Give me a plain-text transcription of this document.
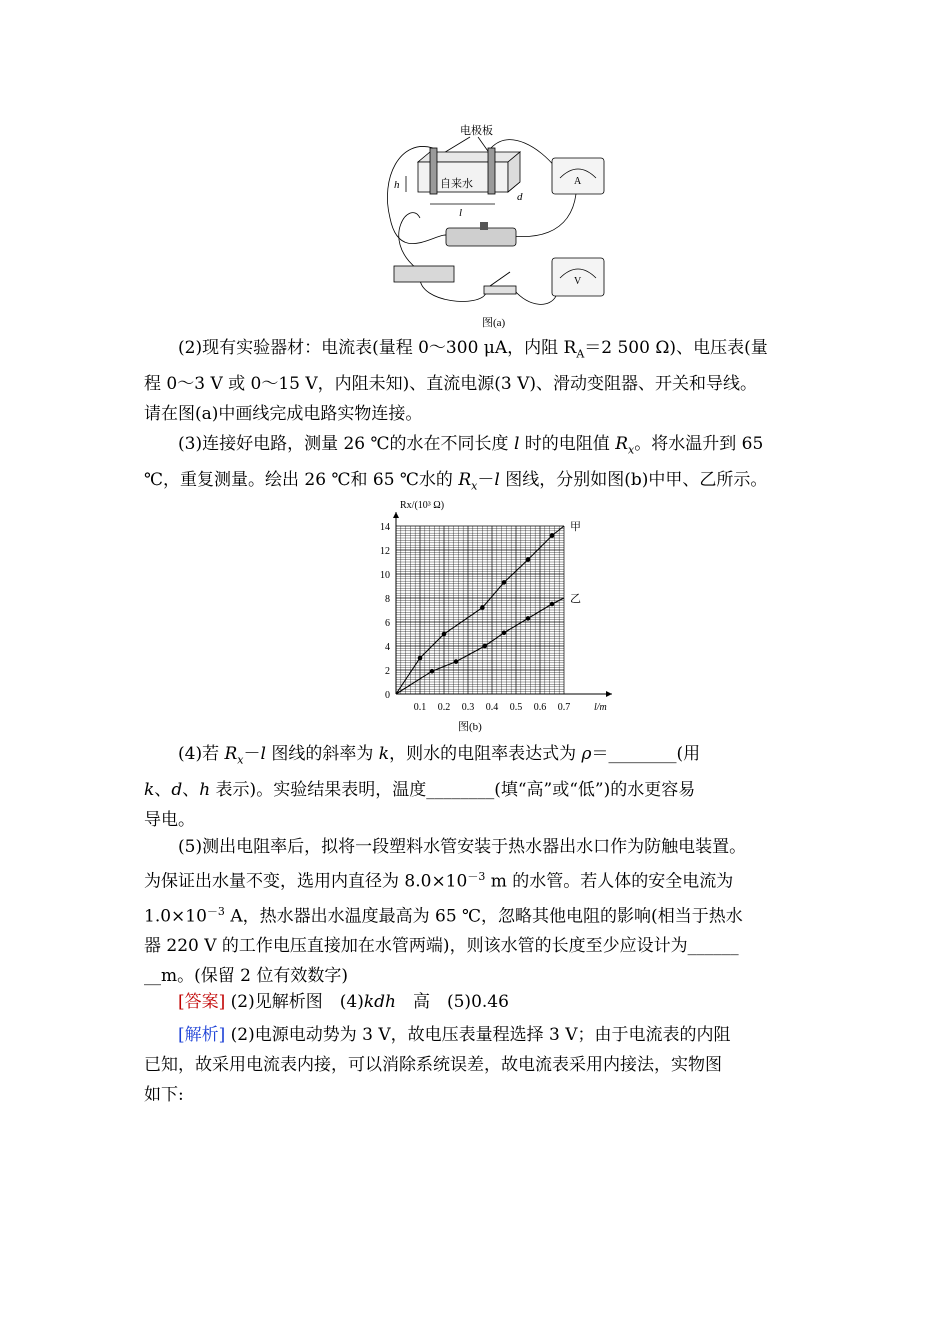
电极板
自来水
h
l
d
A
V
图(a)
(2)现有实验器材：电流表(量程 0～300 μA，内阻 $R_A=2$ 500 Ω)、电压表(量
程 0～3 V 或 0～15 V，内阻未知)、直流电源(3 V)、滑动变阻器、开关和导线。
请在图(a)中画线完成电路实物连接。
(3)连接好电路，测量 26 ℃的水在不同长度 l 时的电阻值 $R_x$。将水温升到 65
℃，重复测量。绘出 26 ℃和 65 ℃水的 $R_x-l$ 图线，分别如图(b)中甲、乙所示。
0.1 0.2 0.3 0.4 0.5 0.6 0.7
0
2
4
6
8
10
12
14
l/m
Rx/(10³ Ω)
图(b)
甲
乙
(4)若 $R_x-l$ 图线的斜率为 k，则水的电阻率表达式为 ρ＝________(用
k、d、h 表示)。实验结果表明，温度________(填“高”或“低”)的水更容易
导电。
(5)测出电阻率后，拟将一段塑料水管安装于热水器出水口作为防触电装置。
为保证出水量不变，选用内直径为 $8.0\times 10^{-3}$ m 的水管。若人体的安全电流为
$1.0\times 10^{-3}$ A，热水器出水温度最高为 65 ℃，忽略其他电阻的影响(相当于热水
器 220 V 的工作电压直接加在水管两端)，则该水管的长度至少应设计为______
__m。(保留 2 位有效数字)
[答案] (2)见解析图　(4)kdh　高　(5)0.46
[解析] (2)电源电动势为 3 V，故电压表量程选择 3 V；由于电流表的内阻
已知，故采用电流表内接，可以消除系统误差，故电流表采用内接法，实物图
如下:
